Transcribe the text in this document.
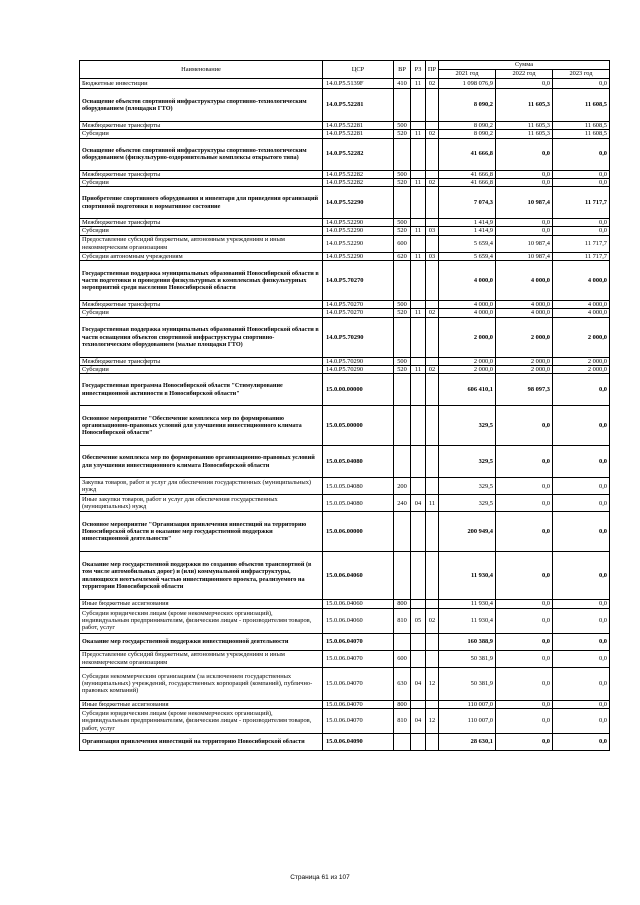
Наименование	ЦСР	ВР	РЗ	ПР	Сумма		
					2021 год	2022 год	2023 год
Бюджетные инвестиции	14.0.P5.5139F	410	11	02	1 098 076,9	0,0	0,0
Оснащение объектов спортивной инфраструктуры спортивно-технологическим оборудованием (площадки ГТО)	14.0.P5.52281				8 090,2	11 605,3	11 608,5
Межбюджетные трансферты	14.0.P5.52281	500			8 090,2	11 605,3	11 608,5
Субсидии	14.0.P5.52281	520	11	02	8 090,2	11 605,3	11 608,5
Оснащение объектов спортивной инфраструктуры спортивно-технологическим оборудованием (физкультурно-оздоровительные комплексы открытого типа)	14.0.P5.52282				41 666,8	0,0	0,0
Межбюджетные трансферты	14.0.P5.52282	500			41 666,8	0,0	0,0
Субсидии	14.0.P5.52282	520	11	02	41 666,8	0,0	0,0
Приобретение спортивного оборудования и инвентаря для приведения организаций спортивной подготовки в нормативное состояние	14.0.P5.52290				7 074,3	10 987,4	11 717,7
Межбюджетные трансферты	14.0.P5.52290	500			1 414,9	0,0	0,0
Субсидии	14.0.P5.52290	520	11	03	1 414,9	0,0	0,0
Предоставление субсидий бюджетным, автономным учреждениям и иным некоммерческим организациям	14.0.P5.52290	600			5 659,4	10 987,4	11 717,7
Субсидии автономным учреждениям	14.0.P5.52290	620	11	03	5 659,4	10 987,4	11 717,7
Государственная поддержка муниципальных образований Новосибирской области в части подготовки и проведения физкультурных и комплексных физкультурных мероприятий среди населения Новосибирской области	14.0.P5.70270				4 000,0	4 000,0	4 000,0
Межбюджетные трансферты	14.0.P5.70270	500			4 000,0	4 000,0	4 000,0
Субсидии	14.0.P5.70270	520	11	02	4 000,0	4 000,0	4 000,0
Государственная поддержка муниципальных образований Новосибирской области в части оснащения объектов спортивной инфраструктуры спортивно-технологическим оборудованием (малые площадки ГТО)	14.0.P5.70290				2 000,0	2 000,0	2 000,0
Межбюджетные трансферты	14.0.P5.70290	500			2 000,0	2 000,0	2 000,0
Субсидии	14.0.P5.70290	520	11	02	2 000,0	2 000,0	2 000,0
Государственная программа Новосибирской области "Стимулирование инвестиционной активности в Новосибирской области"	15.0.00.00000				606 410,1	98 097,3	0,0
Основное мероприятие "Обеспечение комплекса мер по формированию организационно-правовых условий для улучшения инвестиционного климата Новосибирской области"	15.0.05.00000				329,5	0,0	0,0
Обеспечение комплекса мер по формированию организационно-правовых условий для улучшения инвестиционного климата Новосибирской области	15.0.05.04080				329,5	0,0	0,0
Закупка товаров, работ и услуг для обеспечения государственных (муниципальных) нужд	15.0.05.04080	200			329,5	0,0	0,0
Иные закупки товаров, работ и услуг для обеспечения государственных (муниципальных) нужд	15.0.05.04080	240	04	11	329,5	0,0	0,0
Основное мероприятие "Организация привлечения инвестиций на территорию Новосибирской области и оказание мер государственной поддержки инвестиционной деятельности"	15.0.06.00000				200 949,4	0,0	0,0
Оказание мер государственной поддержки по созданию объектов транспортной (в том числе автомобильных дорог) и (или) коммунальной инфраструктуры, являющихся неотъемлемой частью инвестиционного проекта, реализуемого на территории Новосибирской области	15.0.06.04060				11 930,4	0,0	0,0
Иные бюджетные ассигнования	15.0.06.04060	800			11 930,4	0,0	0,0
Субсидии юридическим лицам (кроме некоммерческих организаций), индивидуальным предпринимателям, физическим лицам - производителям товаров, работ, услуг	15.0.06.04060	810	05	02	11 930,4	0,0	0,0
Оказание мер государственной поддержки инвестиционной деятельности	15.0.06.04070				160 388,9	0,0	0,0
Предоставление субсидий бюджетным, автономным учреждениям и иным некоммерческим организациям	15.0.06.04070	600			50 381,9	0,0	0,0
Субсидии некоммерческим организациям (за исключением государственных (муниципальных) учреждений, государственных корпораций (компаний), публично-правовых компаний)	15.0.06.04070	630	04	12	50 381,9	0,0	0,0
Иные бюджетные ассигнования	15.0.06.04070	800			110 007,0	0,0	0,0
Субсидии юридическим лицам (кроме некоммерческих организаций), индивидуальным предпринимателям, физическим лицам - производителям товаров, работ, услуг	15.0.06.04070	810	04	12	110 007,0	0,0	0,0
Организация привлечения инвестиций на территорию Новосибирской области	15.0.06.04090				28 630,1	0,0	0,0
Страница 61 из 107
